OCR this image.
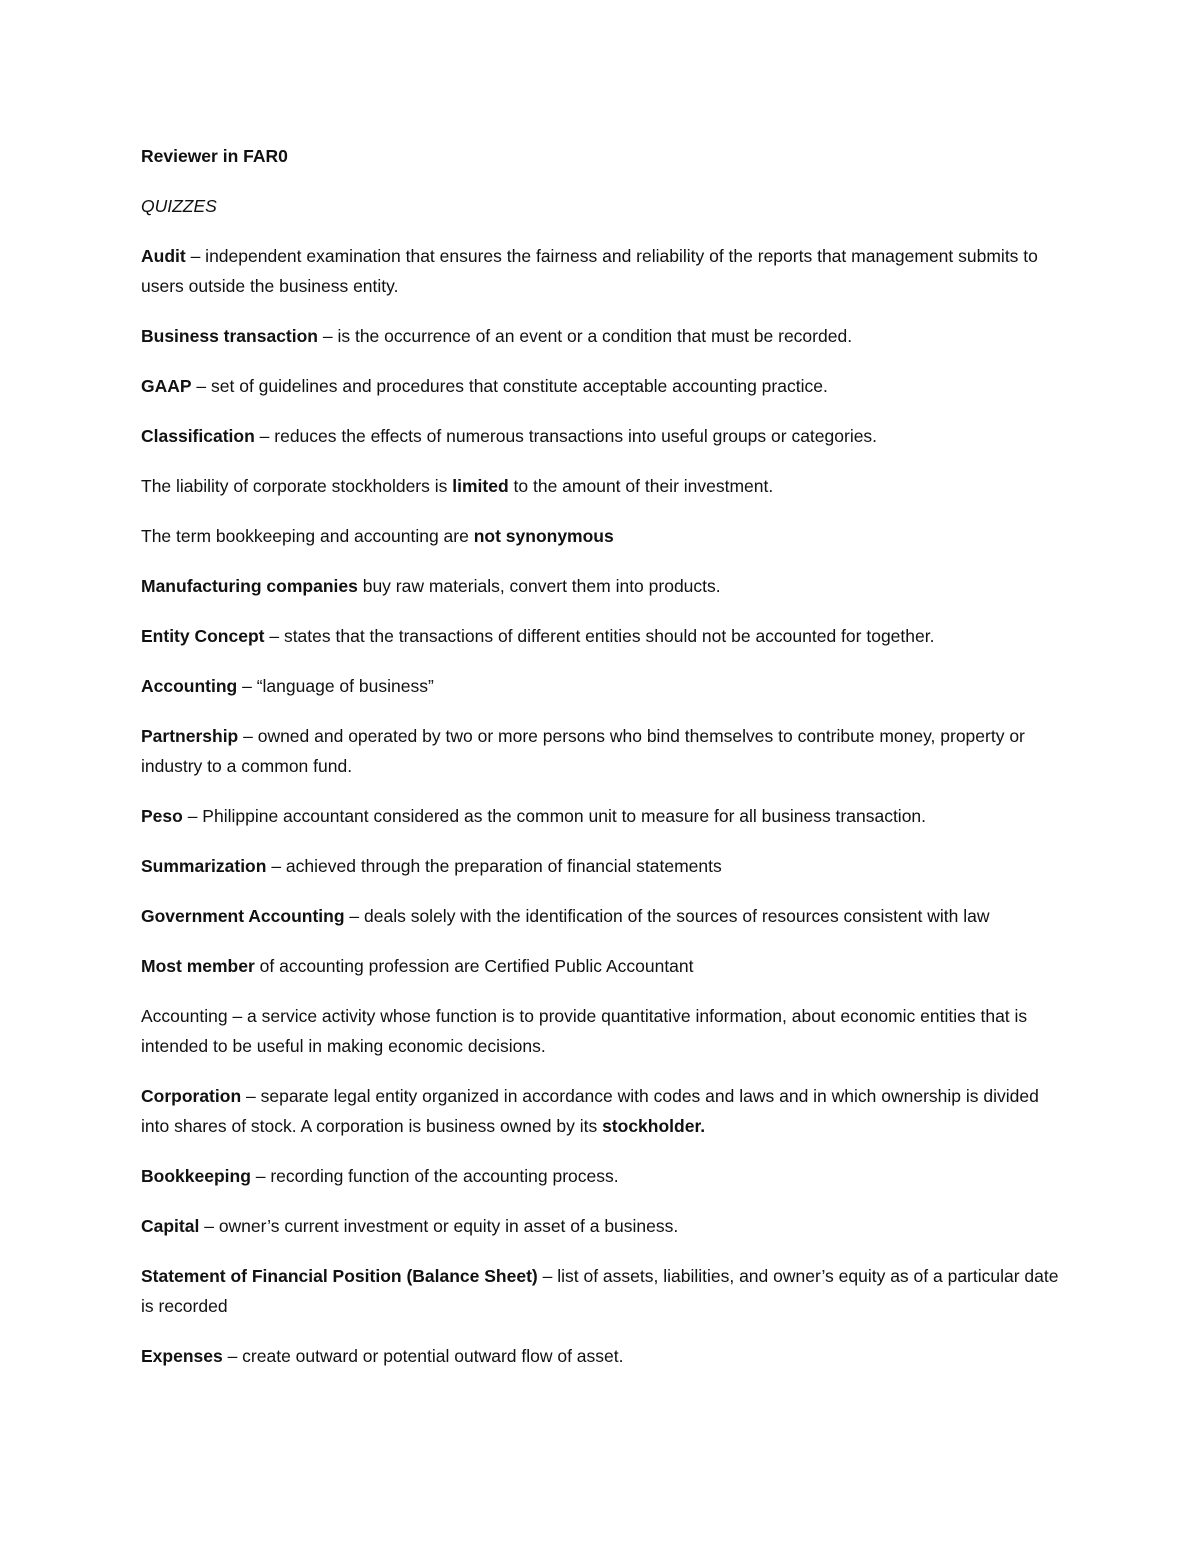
Reviewer in FAR0
QUIZZES
Audit – independent examination that ensures the fairness and reliability of the reports that management submits to users outside the business entity.
Business transaction – is the occurrence of an event or a condition that must be recorded.
GAAP – set of guidelines and procedures that constitute acceptable accounting practice.
Classification – reduces the effects of numerous transactions into useful groups or categories.
The liability of corporate stockholders is limited to the amount of their investment.
The term bookkeeping and accounting are not synonymous
Manufacturing companies buy raw materials, convert them into products.
Entity Concept – states that the transactions of different entities should not be accounted for together.
Accounting – “language of business”
Partnership – owned and operated by two or more persons who bind themselves to contribute money, property or industry to a common fund.
Peso – Philippine accountant considered as the common unit to measure for all business transaction.
Summarization – achieved through the preparation of financial statements
Government Accounting – deals solely with the identification of the sources of resources consistent with law
Most member of accounting profession are Certified Public Accountant
Accounting – a service activity whose function is to provide quantitative information, about economic entities that is intended to be useful in making economic decisions.
Corporation – separate legal entity organized in accordance with codes and laws and in which ownership is divided into shares of stock. A corporation is business owned by its stockholder.
Bookkeeping – recording function of the accounting process.
Capital – owner’s current investment or equity in asset of a business.
Statement of Financial Position (Balance Sheet) – list of assets, liabilities, and owner’s equity as of a particular date is recorded
Expenses – create outward or potential outward flow of asset.
